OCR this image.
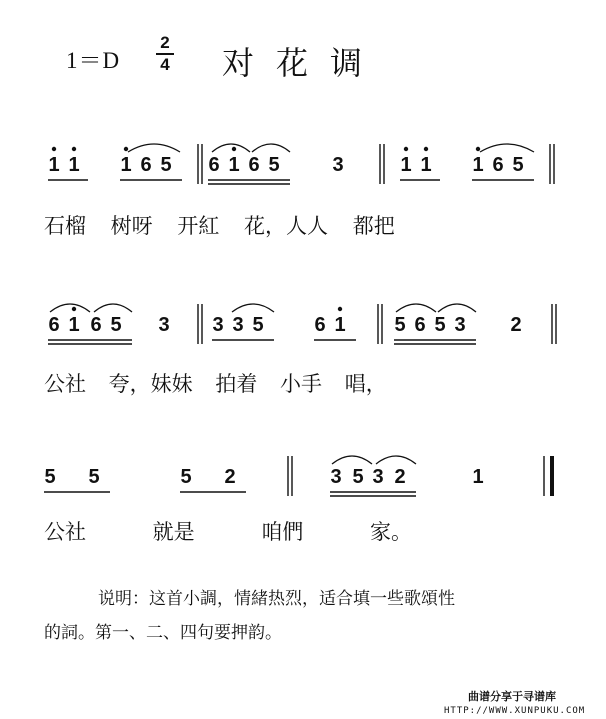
1＝D
2
4 对花调
1 1 1 6 5 6 1 6 5	3	1 1 1 6 5
石榴 树呀 开紅 花，人人 都把
6 1 6 5 3 3 3 5	6 1 5 6 5 3 2
公社 夸，妹妹 拍着 小手 唱，
5 5	5 2	3 5 3 2	1
公社 就是 咱們 家。

说明：这首小調，情緒热烈，适合填一些歌頌性

的詞。第一、二、四句要押韵。

曲谱分享于寻谱库
HTTP://WWW.XUNPUKU.COM
